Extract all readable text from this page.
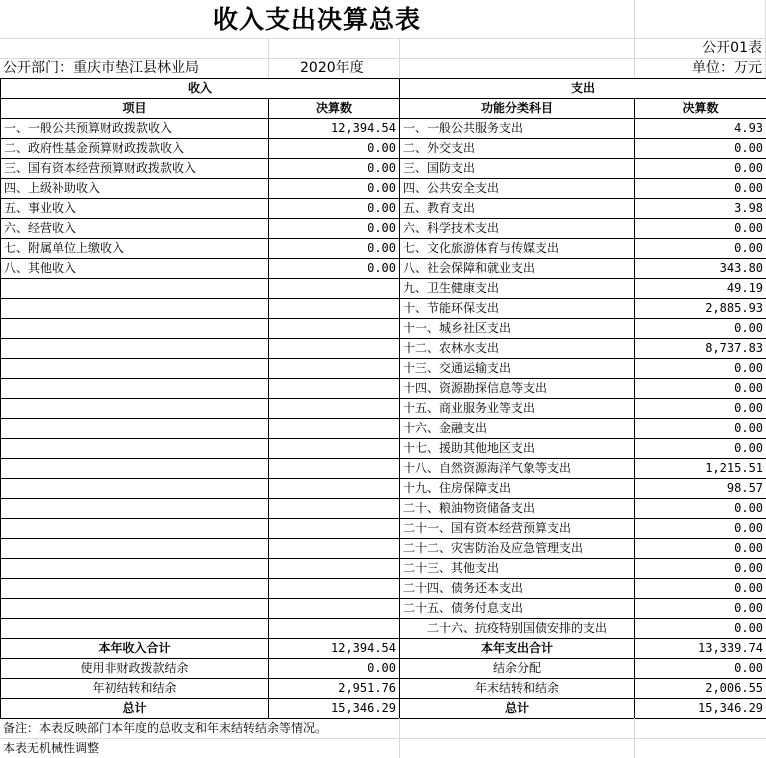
收入支出决算总表
公开01表
公开部门：重庆市垫江县林业局	2020年度	单位：万元
收入		支出	
项目	决算数	功能分类科目	决算数
一、一般公共预算财政拨款收入	12,394.54	一、一般公共服务支出	4.93
二、政府性基金预算财政拨款收入	0.00	二、外交支出	0.00
三、国有资本经营预算财政拨款收入	0.00	三、国防支出	0.00
四、上级补助收入	0.00	四、公共安全支出	0.00
五、事业收入	0.00	五、教育支出	3.98
六、经营收入	0.00	六、科学技术支出	0.00
七、附属单位上缴收入	0.00	七、文化旅游体育与传媒支出	0.00
八、其他收入	0.00	八、社会保障和就业支出	343.80
		九、卫生健康支出	49.19
		十、节能环保支出	2,885.93
		十一、城乡社区支出	0.00
		十二、农林水支出	8,737.83
		十三、交通运输支出	0.00
		十四、资源勘探信息等支出	0.00
		十五、商业服务业等支出	0.00
		十六、金融支出	0.00
		十七、援助其他地区支出	0.00
		十八、自然资源海洋气象等支出	1,215.51
		十九、住房保障支出	98.57
		二十、粮油物资储备支出	0.00
		二十一、国有资本经营预算支出	0.00
		二十二、灾害防治及应急管理支出	0.00
		二十三、其他支出	0.00
		二十四、债务还本支出	0.00
		二十五、债务付息支出	0.00
		二十六、抗疫特别国债安排的支出	0.00
本年收入合计	12,394.54	本年支出合计	13,339.74
使用非财政拨款结余	0.00	结余分配	0.00
年初结转和结余	2,951.76	年末结转和结余	2,006.55
总计	15,346.29	总计	15,346.29
备注：本表反映部门本年度的总收支和年末结转结余等情况。
本表无机械性调整
